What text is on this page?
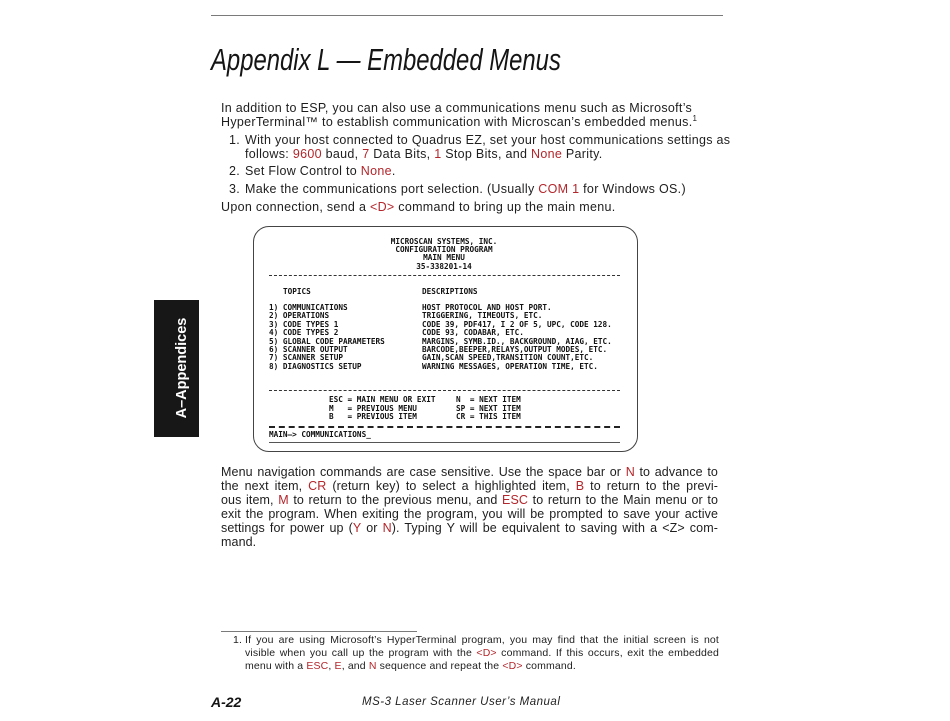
Appendix L — Embedded Menus
In addition to ESP, you can also use a communications menu such as Microsoft’s
HyperTerminal™ to establish communication with Microscan’s embedded menus.$^1$
1. With your host connected to Quadrus EZ, set your host communications settings as
follows: 9600 baud, 7 Data Bits, 1 Stop Bits, and None Parity.
2. Set Flow Control to None.
3. Make the communications port selection. (Usually COM 1 for Windows OS.)
Upon connection, send a <D> command to bring up the main menu.
MICROSCAN SYSTEMS, INC.
CONFIGURATION PROGRAM
MAIN MENU
35-338201-14
TOPICS	DESCRIPTIONS
1) COMMUNICATIONS	HOST PROTOCOL AND HOST PORT.
2) OPERATIONS	TRIGGERING, TIMEOUTS, ETC.
3) CODE TYPES 1	CODE 39, PDF417, I 2 OF 5, UPC, CODE 128.
4) CODE TYPES 2	CODE 93, CODABAR, ETC.
5) GLOBAL CODE PARAMETERS	MARGINS, SYMB.ID., BACKGROUND, AIAG, ETC.
6) SCANNER OUTPUT	BARCODE,BEEPER,RELAYS,OUTPUT MODES, ETC.
7) SCANNER SETUP	GAIN,SCAN SPEED,TRANSITION COUNT,ETC.
8) DIAGNOSTICS SETUP	WARNING MESSAGES, OPERATION TIME, ETC.
ESC = MAIN MENU OR EXIT	N  = NEXT ITEM
M   = PREVIOUS MENU	SP = NEXT ITEM
B   = PREVIOUS ITEM	CR = THIS ITEM
MAIN—> COMMUNICATIONS_
A–Appendices
Menu navigation commands are case sensitive. Use the space bar or N to advance to
the next item, CR (return key) to select a highlighted item, B to return to the previ-
ous item, M to return to the previous menu, and ESC to return to the Main menu or to
exit the program. When exiting the program, you will be prompted to save your active
settings for power up (Y or N). Typing Y will be equivalent to saving with a <Z> com-
mand.
1. If you are using Microsoft’s HyperTerminal program, you may find that the initial screen is not
visible when you call up the program with the <D> command. If this occurs, exit the embedded
menu with a ESC, E, and N sequence and repeat the <D> command.
A-22	MS-3 Laser Scanner User’s Manual
